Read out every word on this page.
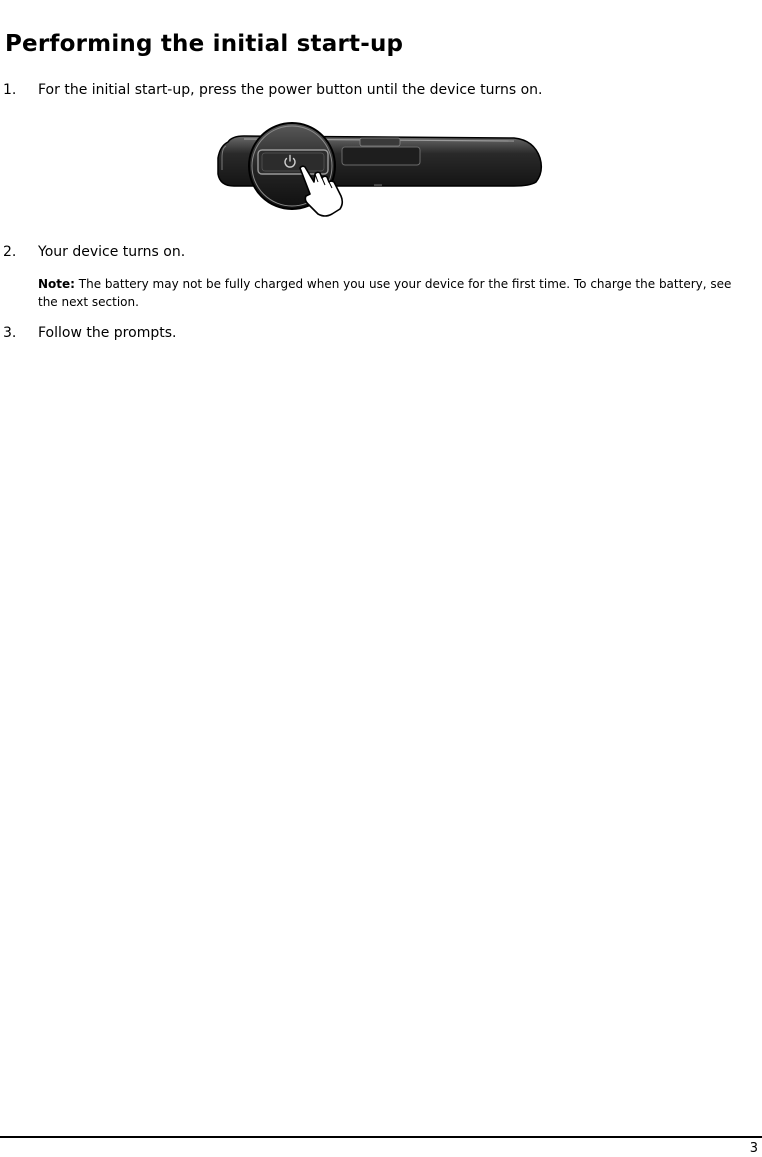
Performing the initial start-up
1. For the initial start-up, press the power button until the device turns on.
2. Your device turns on.
Note: The battery may not be fully charged when you use your device for the first time. To charge the battery, see the next section.
3. Follow the prompts.
3
